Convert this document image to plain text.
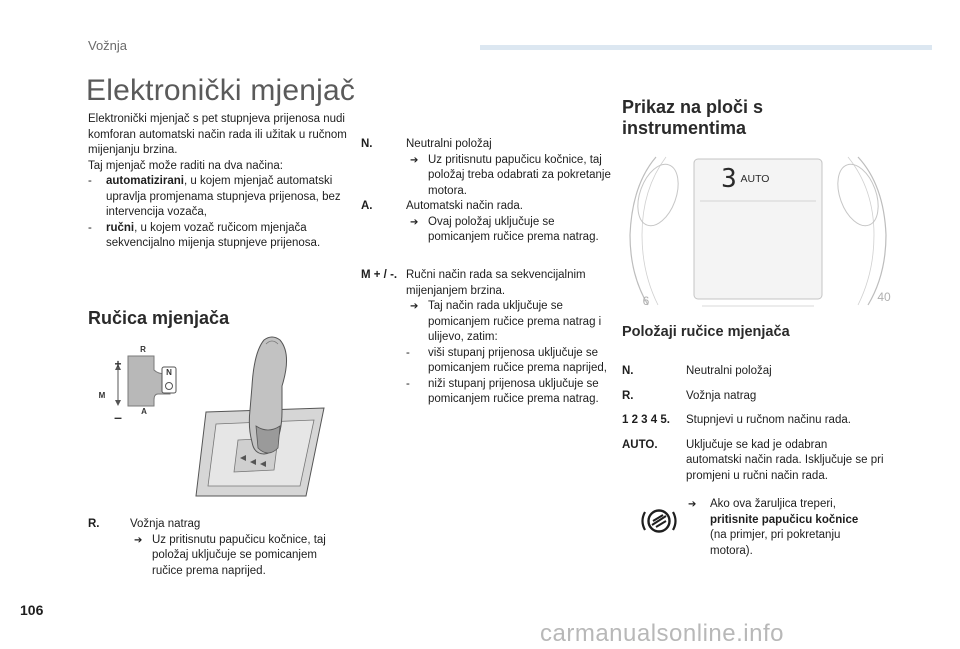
Vožnja
Elektronički mjenjač
Elektronički mjenjač s pet stupnjeva prijenosa nudi komforan automatski način rada ili užitak u ručnom mijenjanju brzina.
Taj mjenjač može raditi na dva načina:
-	automatizirani, u kojem mjenjač automatski upravlja promjenama stupnjeva prijenosa, bez intervencija vozača,
-	ručni, u kojem vozač ručicom mjenjača sekvencijalno mijenja stupnjeve prijenosa.
Ručica mjenjača
+
–
M
R
A
N
R.	Vožnja natrag
➔ Uz pritisnutu papučicu kočnice, taj položaj uključuje se pomicanjem ručice prema naprijed.
N.	Neutralni položaj
➔ Uz pritisnutu papučicu kočnice, taj položaj treba odabrati za pokretanje motora.
A.	Automatski način rada.
➔ Ovaj položaj uključuje se pomicanjem ručice prema natrag.
M + / -. Ručni način rada sa sekvencijalnim mijenjanjem brzina.
➔ Taj način rada uključuje se pomicanjem ručice prema natrag i ulijevo, zatim:
-	viši stupanj prijenosa uključuje se pomicanjem ručice prema naprijed,
-	niži stupanj prijenosa uključuje se pomicanjem ručice prema natrag.
Prikaz na ploči s instrumentima
3 AUTO
6	40
Položaji ručice mjenjača
N.	Neutralni položaj
R.	Vožnja natrag
1 2 3 4 5.	Stupnjevi u ručnom načinu rada.
AUTO.	Uključuje se kad je odabran automatski način rada. Isključuje se pri promjeni u ručni način rada.
➔	Ako ova žaruljica treperi,
pritisnite papučicu kočnice
(na primjer, pri pokretanju motora).
106
carmanualsonline.info
